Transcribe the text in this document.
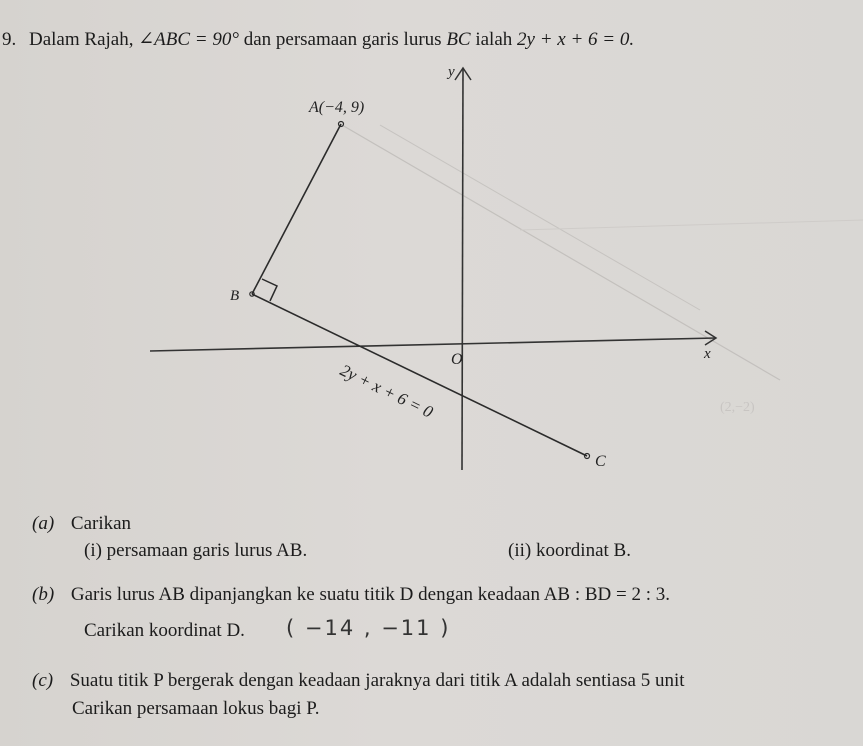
(2,−2)
9. Dalam Rajah, ∠ABC = 90° dan persamaan garis lurus BC ialah 2y + x + 6 = 0.
y
x
O
A(−4, 9)
B
C
2y + x + 6 = 0
(a) Carikan
(i) persamaan garis lurus AB.	(ii) koordinat B.
(b) Garis lurus AB dipanjangkan ke suatu titik D dengan keadaan AB : BD = 2 : 3.
Carikan koordinat D. ( −14 , −11 )
(c) Suatu titik P bergerak dengan keadaan jaraknya dari titik A adalah sentiasa 5 unit
Carikan persamaan lokus bagi P.
